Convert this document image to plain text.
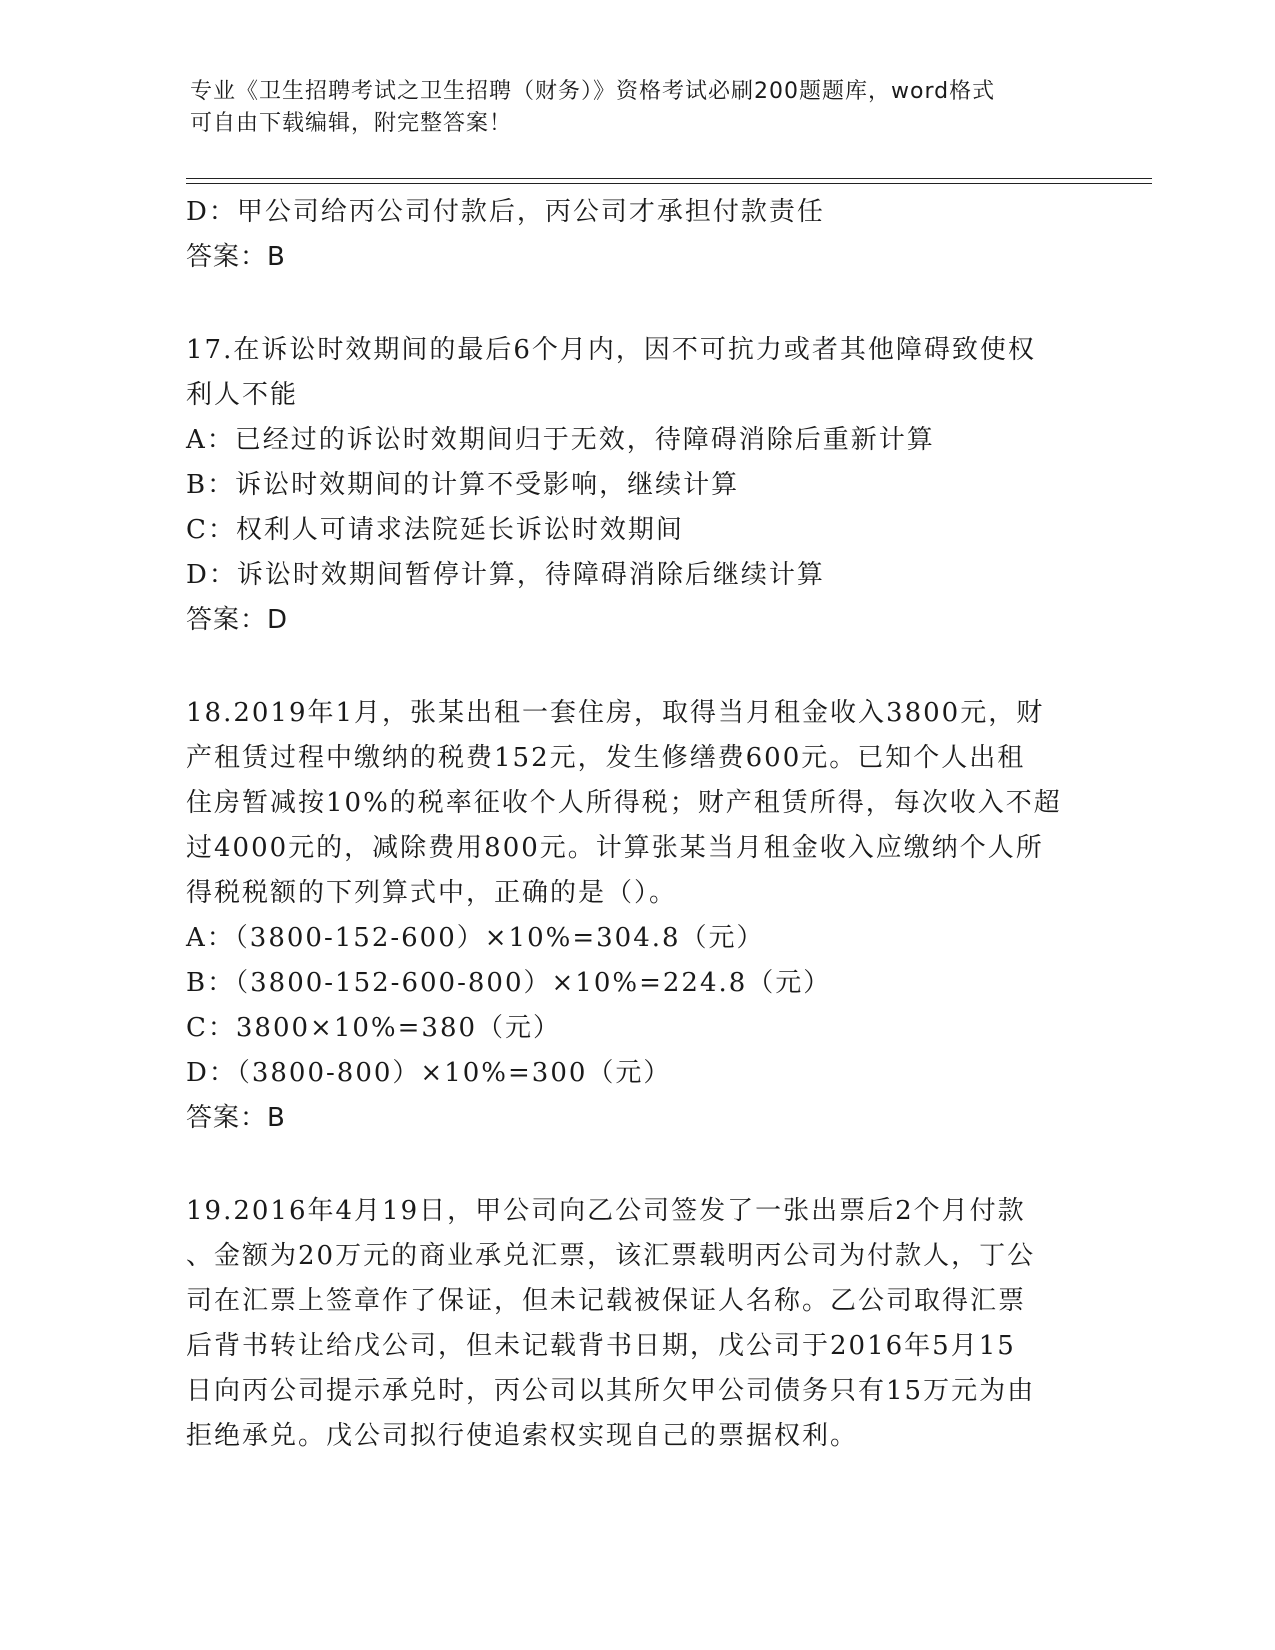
专业《卫生招聘考试之卫生招聘（财务）》资格考试必刷200题题库，word格式
可自由下载编辑，附完整答案！
D：甲公司给丙公司付款后，丙公司才承担付款责任
答案：B
17.在诉讼时效期间的最后6个月内，因不可抗力或者其他障碍致使权
利人不能
A：已经过的诉讼时效期间归于无效，待障碍消除后重新计算
B：诉讼时效期间的计算不受影响，继续计算
C：权利人可请求法院延长诉讼时效期间
D：诉讼时效期间暂停计算，待障碍消除后继续计算
答案：D
18.2019年1月，张某出租一套住房，取得当月租金收入3800元，财
产租赁过程中缴纳的税费152元，发生修缮费600元。已知个人出租
住房暂减按10%的税率征收个人所得税；财产租赁所得，每次收入不超
过4000元的，减除费用800元。计算张某当月租金收入应缴纳个人所
得税税额的下列算式中，正确的是（）。
A：（3800-152-600）×10%=304.8（元）
B：（3800-152-600-800）×10%=224.8（元）
C：3800×10%=380（元）
D：（3800-800）×10%=300（元）
答案：B
19.2016年4月19日，甲公司向乙公司签发了一张出票后2个月付款
、金额为20万元的商业承兑汇票，该汇票载明丙公司为付款人，丁公
司在汇票上签章作了保证，但未记载被保证人名称。乙公司取得汇票
后背书转让给戊公司，但未记载背书日期，戊公司于2016年5月15
日向丙公司提示承兑时，丙公司以其所欠甲公司债务只有15万元为由
拒绝承兑。戊公司拟行使追索权实现自己的票据权利。
